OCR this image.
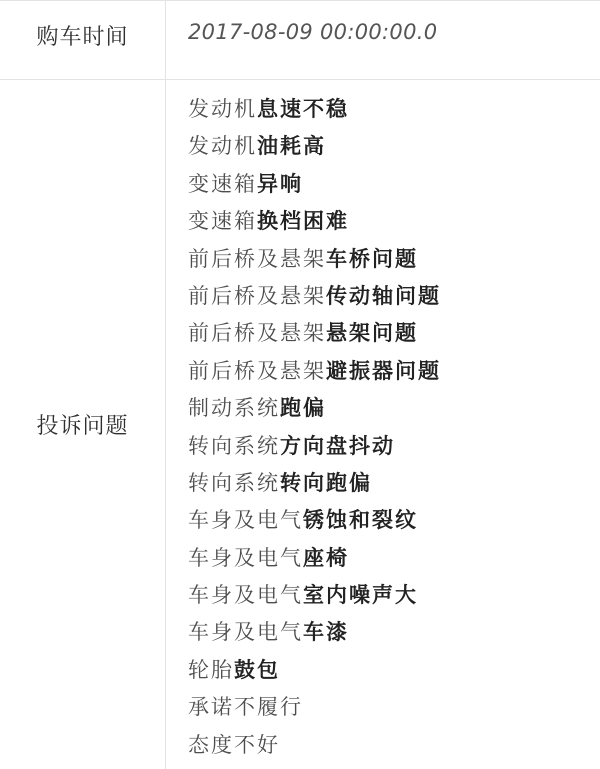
购车时间	2017-08-09 00:00:00.0
投诉问题
发动机息速不稳
发动机油耗高
变速箱异响
变速箱换档困难
前后桥及悬架车桥问题
前后桥及悬架传动轴问题
前后桥及悬架悬架问题
前后桥及悬架避振器问题
制动系统跑偏
转向系统方向盘抖动
转向系统转向跑偏
车身及电气锈蚀和裂纹
车身及电气座椅
车身及电气室内噪声大
车身及电气车漆
轮胎鼓包
承诺不履行
态度不好
